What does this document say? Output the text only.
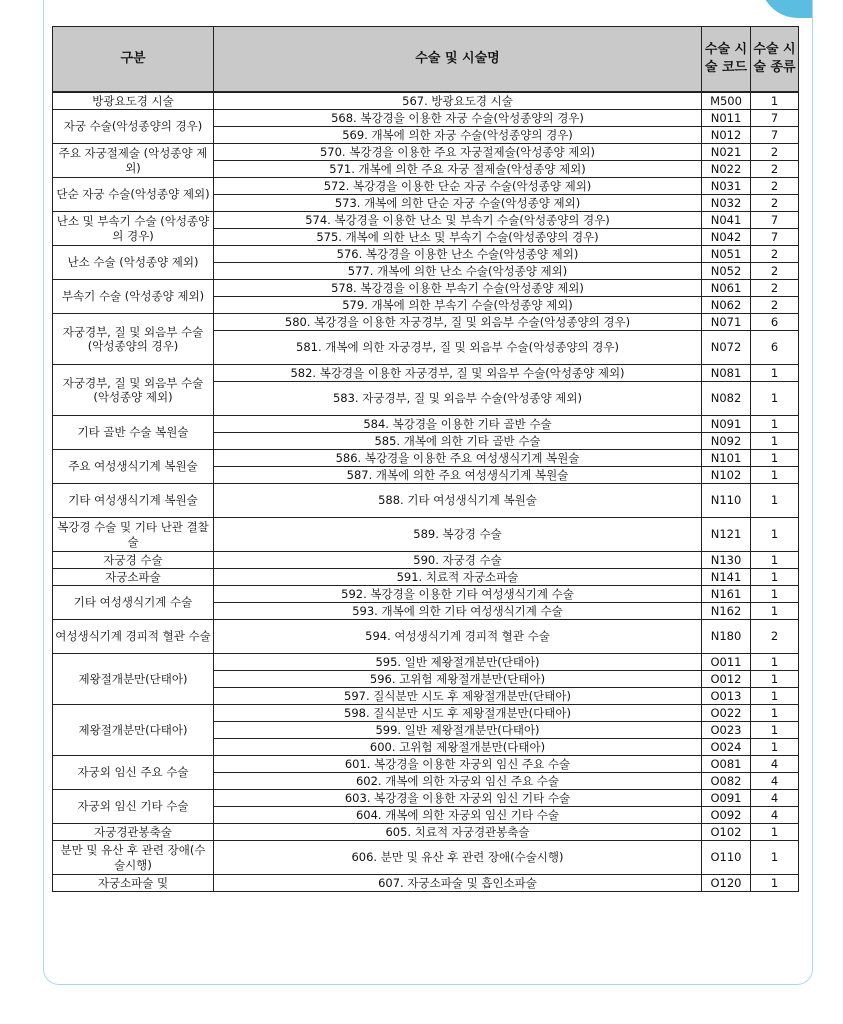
구분	수술 및 시술명	수술 시술 코드	수술 시술 종류
방광요도경 시술	567. 방광요도경 시술	M500	1
자궁 수술(악성종양의 경우)	568. 복강경을 이용한 자궁 수술(악성종양의 경우)	N011	7
	569. 개복에 의한 자궁 수술(악성종양의 경우)	N012	7
주요 자궁절제술 (악성종양 제외)	570. 복강경을 이용한 주요 자궁절제술(악성종양 제외)	N021	2
	571. 개복에 의한 주요 자궁 절제술(악성종양 제외)	N022	2
단순 자궁 수술(악성종양 제외)	572. 복강경을 이용한 단순 자궁 수술(악성종양 제외)	N031	2
	573. 개복에 의한 단순 자궁 수술(악성종양 제외)	N032	2
난소 및 부속기 수술 (악성종양의 경우)	574. 복강경을 이용한 난소 및 부속기 수술(악성종양의 경우)	N041	7
	575. 개복에 의한 난소 및 부속기 수술(악성종양의 경우)	N042	7
난소 수술 (악성종양 제외)	576. 복강경을 이용한 난소 수술(악성종양 제외)	N051	2
	577. 개복에 의한 난소 수술(악성종양 제외)	N052	2
부속기 수술 (악성종양 제외)	578. 복강경을 이용한 부속기 수술(악성종양 제외)	N061	2
	579. 개복에 의한 부속기 수술(악성종양 제외)	N062	2
자궁경부, 질 및 외음부 수술 (악성종양의 경우)	580. 복강경을 이용한 자궁경부, 질 및 외음부 수술(악성종양의 경우)	N071	6
	581. 개복에 의한 자궁경부, 질 및 외음부 수술(악성종양의 경우)	N072	6
자궁경부, 질 및 외음부 수술 (악성종양 제외)	582. 복강경을 이용한 자궁경부, 질 및 외음부 수술(악성종양 제외)	N081	1
	583. 자궁경부, 질 및 외음부 수술(악성종양 제외)	N082	1
기타 골반 수술 복원술	584. 복강경을 이용한 기타 골반 수술	N091	1
	585. 개복에 의한 기타 골반 수술	N092	1
주요 여성생식기계 복원술	586. 복강경을 이용한 주요 여성생식기계 복원술	N101	1
	587. 개복에 의한 주요 여성생식기계 복원술	N102	1
기타 여성생식기계 복원술	588. 기타 여성생식기계 복원술	N110	1
복강경 수술 및 기타 난관 결찰술	589. 복강경 수술	N121	1
자궁경 수술	590. 자궁경 수술	N130	1
자궁소파술	591. 치료적 자궁소파술	N141	1
기타 여성생식기계 수술	592. 복강경을 이용한 기타 여성생식기계 수술	N161	1
	593. 개복에 의한 기타 여성생식기계 수술	N162	1
여성생식기계 경피적 혈관 수술	594. 여성생식기계 경피적 혈관 수술	N180	2
제왕절개분만(단태아)	595. 일반 제왕절개분만(단태아)	O011	1
	596. 고위험 제왕절개분만(단태아)	O012	1
	597. 질식분만 시도 후 제왕절개분만(단태아)	O013	1
제왕절개분만(다태아)	598. 질식분만 시도 후 제왕절개분만(다태아)	O022	1
	599. 일반 제왕절개분만(다태아)	O023	1
	600. 고위험 제왕절개분만(다태아)	O024	1
자궁외 임신 주요 수술	601. 복강경을 이용한 자궁외 임신 주요 수술	O081	4
	602. 개복에 의한 자궁외 임신 주요 수술	O082	4
자궁외 임신 기타 수술	603. 복강경을 이용한 자궁외 임신 기타 수술	O091	4
	604. 개복에 의한 자궁외 임신 기타 수술	O092	4
자궁경관봉축술	605. 치료적 자궁경관봉축술	O102	1
분만 및 유산 후 관련 장애(수술시행)	606. 분만 및 유산 후 관련 장애(수술시행)	O110	1
자궁소파술 및	607. 자궁소파술 및 흡인소파술	O120	1
